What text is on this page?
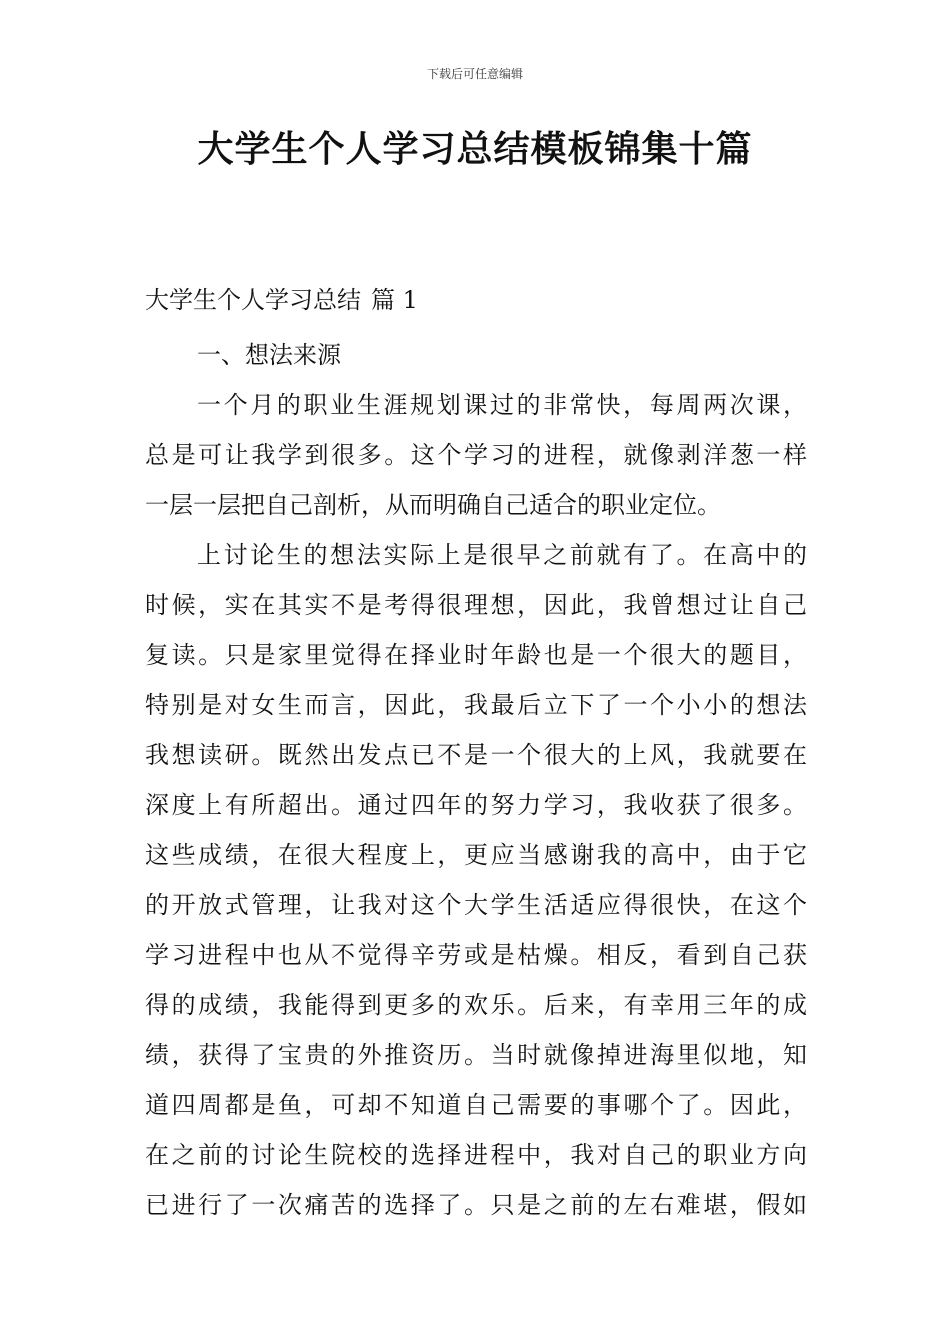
下载后可任意编辑
大学生个人学习总结模板锦集十篇
大学生个人学习总结 篇 1
一、想法来源
一个月的职业生涯规划课过的非常快，每周两次课，
总是可让我学到很多。这个学习的进程，就像剥洋葱一样
一层一层把自己剖析，从而明确自己适合的职业定位。
上讨论生的想法实际上是很早之前就有了。在高中的
时候，实在其实不是考得很理想，因此，我曾想过让自己
复读。只是家里觉得在择业时年龄也是一个很大的题目，
特别是对女生而言，因此，我最后立下了一个小小的想法
我想读研。既然出发点已不是一个很大的上风，我就要在
深度上有所超出。通过四年的努力学习，我收获了很多。
这些成绩，在很大程度上，更应当感谢我的高中，由于它
的开放式管理，让我对这个大学生活适应得很快，在这个
学习进程中也从不觉得辛劳或是枯燥。相反，看到自己获
得的成绩，我能得到更多的欢乐。后来，有幸用三年的成
绩，获得了宝贵的外推资历。当时就像掉进海里似地，知
道四周都是鱼，可却不知道自己需要的事哪个了。因此，
在之前的讨论生院校的选择进程中，我对自己的职业方向
已进行了一次痛苦的选择了。只是之前的左右难堪，假如
